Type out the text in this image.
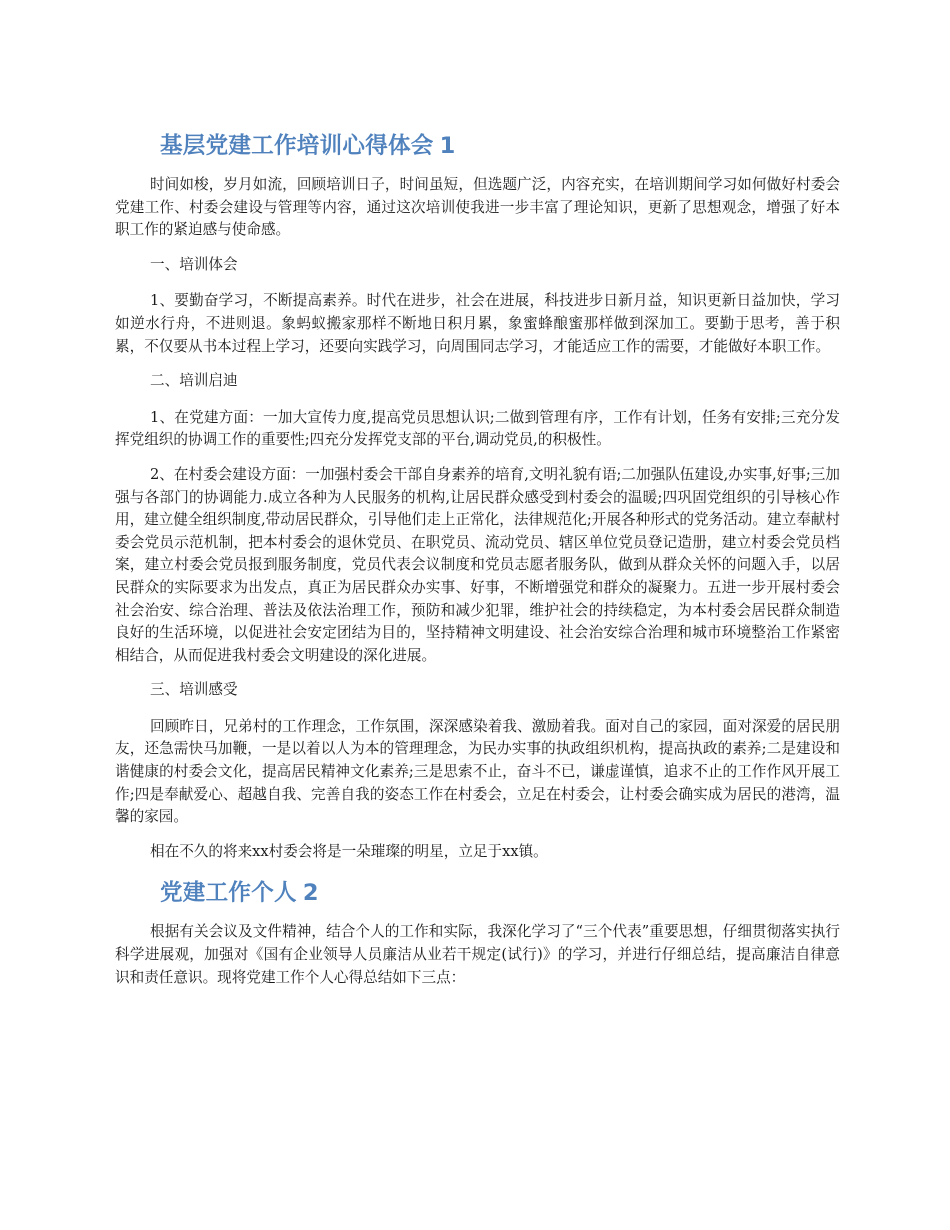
基层党建工作培训心得体会 1

时间如梭，岁月如流，回顾培训日子，时间虽短，但选题广泛，内容充实，在培训期间学习如何做好村委会党建工作、村委会建设与管理等内容，通过这次培训使我进一步丰富了理论知识，更新了思想观念，增强了好本职工作的紧迫感与使命感。

一、培训体会

1、要勤奋学习，不断提高素养。时代在进步，社会在进展，科技进步日新月益，知识更新日益加快，学习如逆水行舟，不进则退。象蚂蚁搬家那样不断地日积月累，象蜜蜂酿蜜那样做到深加工。要勤于思考，善于积累，不仅要从书本过程上学习，还要向实践学习，向周围同志学习，才能适应工作的需要，才能做好本职工作。

二、培训启迪

1、在党建方面：一加大宣传力度,提高党员思想认识;二做到管理有序，工作有计划，任务有安排;三充分发挥党组织的协调工作的重要性;四充分发挥党支部的平台,调动党员,的积极性。

2、在村委会建设方面：一加强村委会干部自身素养的培育,文明礼貌有语;二加强队伍建设,办实事,好事;三加强与各部门的协调能力.成立各种为人民服务的机构,让居民群众感受到村委会的温暖;四巩固党组织的引导核心作用，建立健全组织制度,带动居民群众，引导他们走上正常化，法律规范化;开展各种形式的党务活动。建立奉献村委会党员示范机制，把本村委会的退休党员、在职党员、流动党员、辖区单位党员登记造册，建立村委会党员档案，建立村委会党员报到服务制度，党员代表会议制度和党员志愿者服务队，做到从群众关怀的问题入手，以居民群众的实际要求为出发点，真正为居民群众办实事、好事，不断增强党和群众的凝聚力。五进一步开展村委会社会治安、综合治理、普法及依法治理工作，预防和减少犯罪，维护社会的持续稳定，为本村委会居民群众制造良好的生活环境，以促进社会安定团结为目的，坚持精神文明建设、社会治安综合治理和城市环境整治工作紧密相结合，从而促进我村委会文明建设的深化进展。

三、培训感受

回顾昨日，兄弟村的工作理念，工作氛围，深深感染着我、激励着我。面对自己的家园，面对深爱的居民朋友，还急需快马加鞭，一是以着以人为本的管理理念，为民办实事的执政组织机构，提高执政的素养;二是建设和谐健康的村委会文化，提高居民精神文化素养;三是思索不止，奋斗不已，谦虚谨慎，追求不止的工作作风开展工作;四是奉献爱心、超越自我、完善自我的姿态工作在村委会，立足在村委会，让村委会确实成为居民的港湾，温馨的家园。

相在不久的将来xx村委会将是一朵璀璨的明星，立足于xx镇。

党建工作个人 2

根据有关会议及文件精神，结合个人的工作和实际，我深化学习了“三个代表”重要思想，仔细贯彻落实执行科学进展观，加强对《国有企业领导人员廉洁从业若干规定(试行)》的学习，并进行仔细总结，提高廉洁自律意识和责任意识。现将党建工作个人心得总结如下三点：
